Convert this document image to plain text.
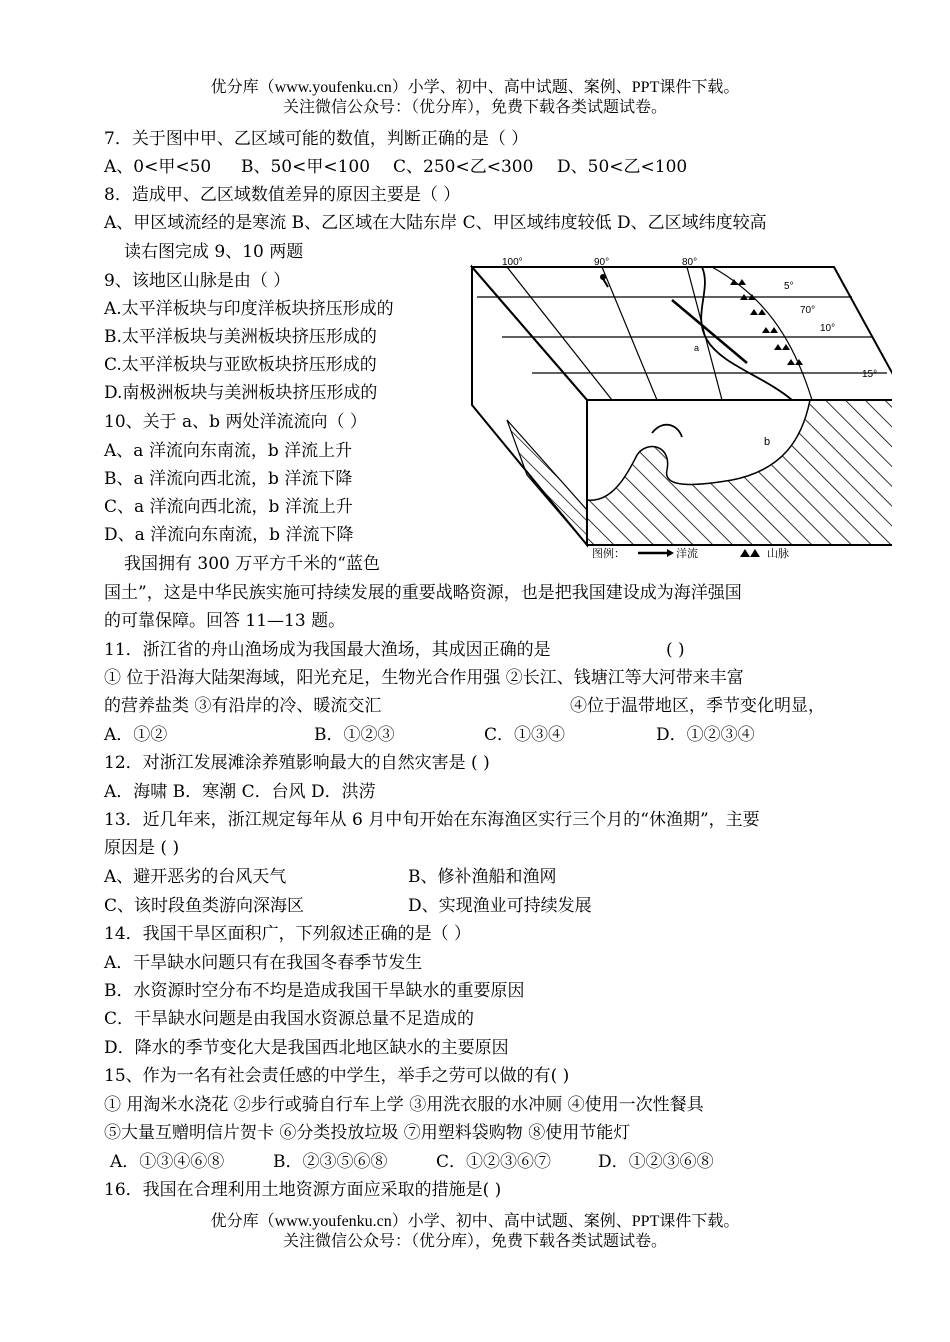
优分库（www.youfenku.cn）小学、初中、高中试题、案例、PPT课件下载。
关注微信公众号：（优分库），免费下载各类试题试卷。
7．关于图中甲、乙区域可能的数值，判断正确的是（ ）
A、0<甲<50 B、50<甲<100 C、250<乙<300 D、50<乙<100
8．造成甲、乙区域数值差异的原因主要是（ ）
A、甲区域流经的是寒流 B、乙区域在大陆东岸 C、甲区域纬度较低 D、乙区域纬度较高
读右图完成 9、10 两题
9、该地区山脉是由（ ）
A.太平洋板块与印度洋板块挤压形成的
B.太平洋板块与美洲板块挤压形成的
C.太平洋板块与亚欧板块挤压形成的
D.南极洲板块与美洲板块挤压形成的
10、关于 a、b 两处洋流流向（ ）
A、a 洋流向东南流，b 洋流上升
B、a 洋流向西北流，b 洋流下降
C、a 洋流向西北流，b 洋流上升
D、a 洋流向东南流，b 洋流下降
100°	90°	80°
5°
70°
10°
15°
a
b
图例：	洋流	山脉
我国拥有 300 万平方千米的“蓝色
国土”，这是中华民族实施可持续发展的重要战略资源，也是把我国建设成为海洋强国
的可靠保障。回答 11—13 题。
11．浙江省的舟山渔场成为我国最大渔场，其成因正确的是	( )
① 位于沿海大陆架海域，阳光充足，生物光合作用强 ②长江、钱塘江等大河带来丰富
的营养盐类 ③有沿岸的冷、暖流交汇	④位于温带地区，季节变化明显，
A．①②	B．①②③	C．①③④	D．①②③④
12．对浙江发展滩涂养殖影响最大的自然灾害是 ( )
A．海啸 B．寒潮 C．台风 D．洪涝
13．近几年来，浙江规定每年从 6 月中旬开始在东海渔区实行三个月的“休渔期”，主要
原因是 ( )
A、避开恶劣的台风天气	B、修补渔船和渔网
C、该时段鱼类游向深海区	D、实现渔业可持续发展
14．我国干旱区面积广，下列叙述正确的是（ ）
A．干旱缺水问题只有在我国冬春季节发生
B．水资源时空分布不均是造成我国干旱缺水的重要原因
C．干旱缺水问题是由我国水资源总量不足造成的
D．降水的季节变化大是我国西北地区缺水的主要原因
15、作为一名有社会责任感的中学生，举手之劳可以做的有( )
① 用淘米水浇花 ②步行或骑自行车上学 ③用洗衣服的水冲厕 ④使用一次性餐具
⑤大量互赠明信片贺卡 ⑥分类投放垃圾 ⑦用塑料袋购物 ⑧使用节能灯
A．①③④⑥⑧	B．②③⑤⑥⑧	C．①②③⑥⑦	D．①②③⑥⑧
16．我国在合理利用土地资源方面应采取的措施是( )
优分库（www.youfenku.cn）小学、初中、高中试题、案例、PPT课件下载。
关注微信公众号：（优分库），免费下载各类试题试卷。
